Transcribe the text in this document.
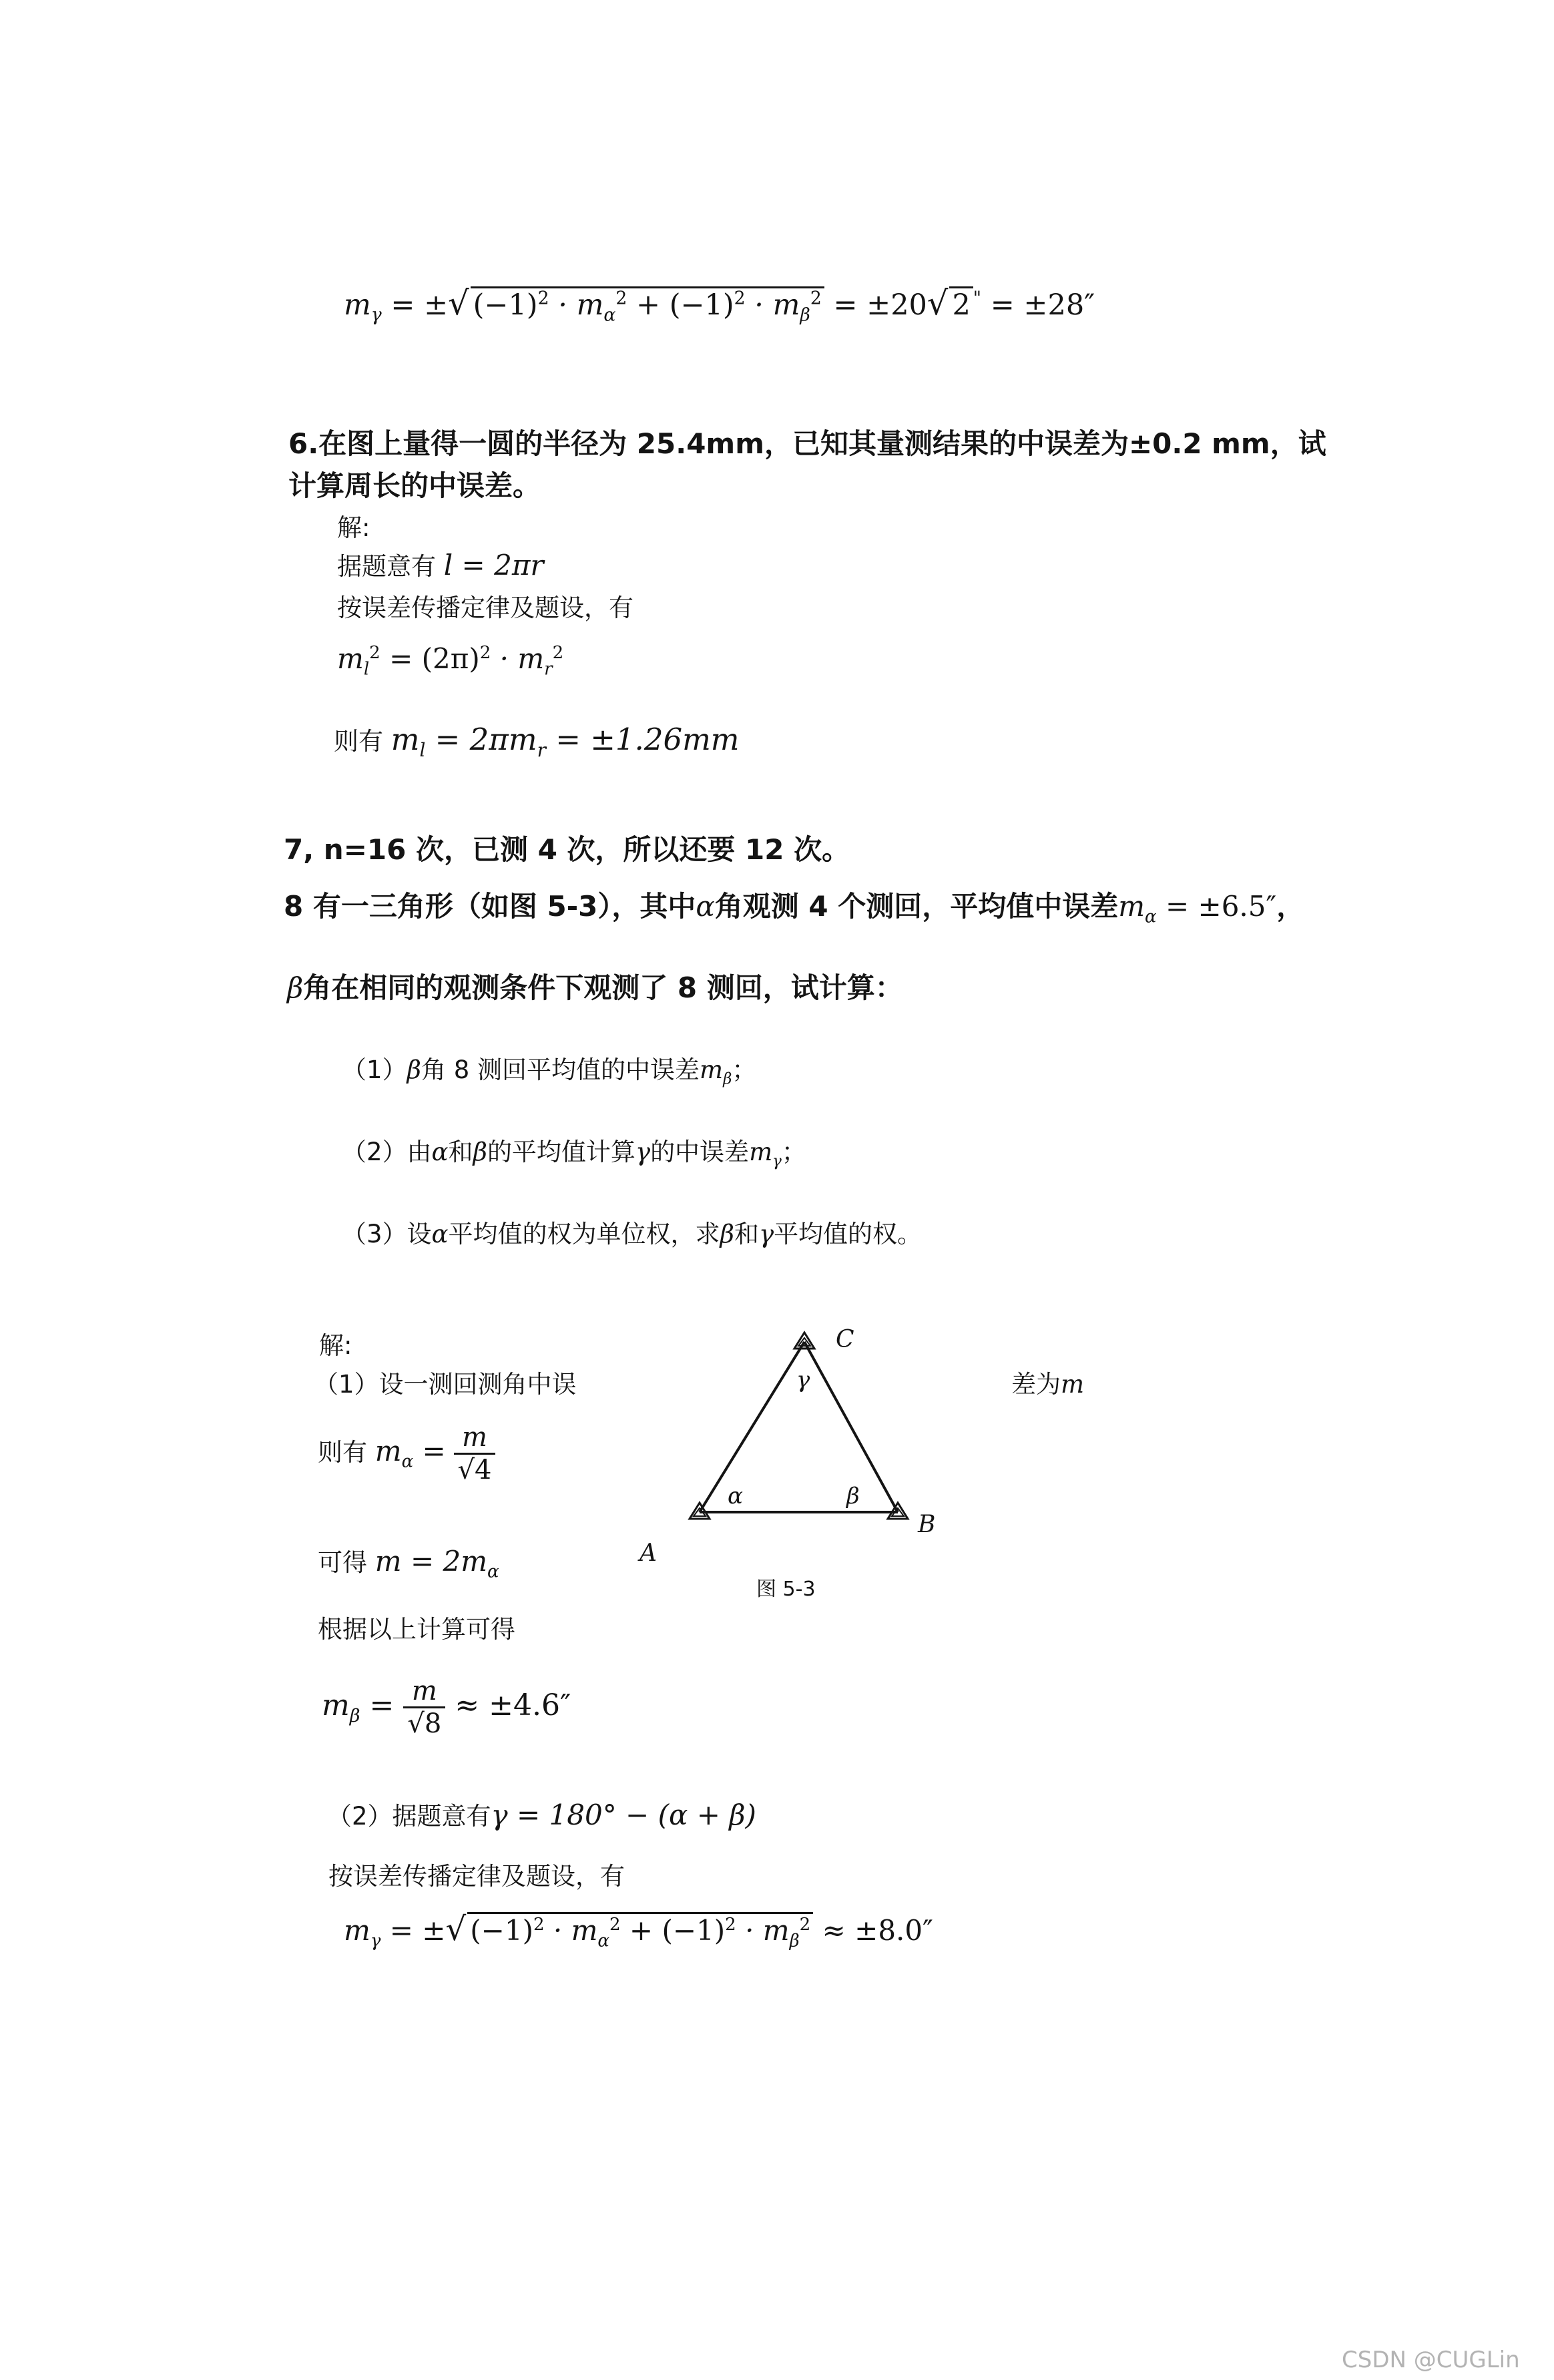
$m_\gamma$ = ±√ $(-1)^2 \cdot m_\alpha^2 + (-1)^2 \cdot m_\beta^2 = \pm 20√$ 2 " = ±28″
6.在图上量得一圆的半径为 25.4mm，已知其量测结果的中误差为±0.2 mm，试
计算周长的中误差。
解:
据题意有 l = 2πr
按误差传播定律及题设，有
$m_l^2 = (2\pi)^2 \cdot m_r^2$
则有 $m_l = 2\pi m_r = \pm 1.26mm$
7, n=16 次，已测 4 次，所以还要 12 次。
8 有一三角形（如图 5-3），其中α角观测 4 个测回，平均值中误差$m_\alpha = \pm 6.5''$，
β角在相同的观测条件下观测了 8 测回，试计算：
（1）β角 8 测回平均值的中误差$m_\beta$；
（2）由α和β的平均值计算γ的中误差$m_\gamma$；
（3）设α平均值的权为单位权，求β和γ平均值的权。
解:
（1）设一测回测角中误	差为m
则有 $m_\alpha = \frac{m}{√4}$
可得 $m = 2m_\alpha$
根据以上计算可得
$m_\beta = \frac{m}{√8} \approx \pm 4.6''$
（2）据题意有γ = 180° − (α + β)
按误差传播定律及题设，有
$m_\gamma$ = ±√ $(-1)^2 \cdot m_\alpha^2 + (-1)^2 \cdot m_\beta^2 \approx \pm 8.0''$
C
A
B
γ
α	β
图 5-3
CSDN @CUGLin
